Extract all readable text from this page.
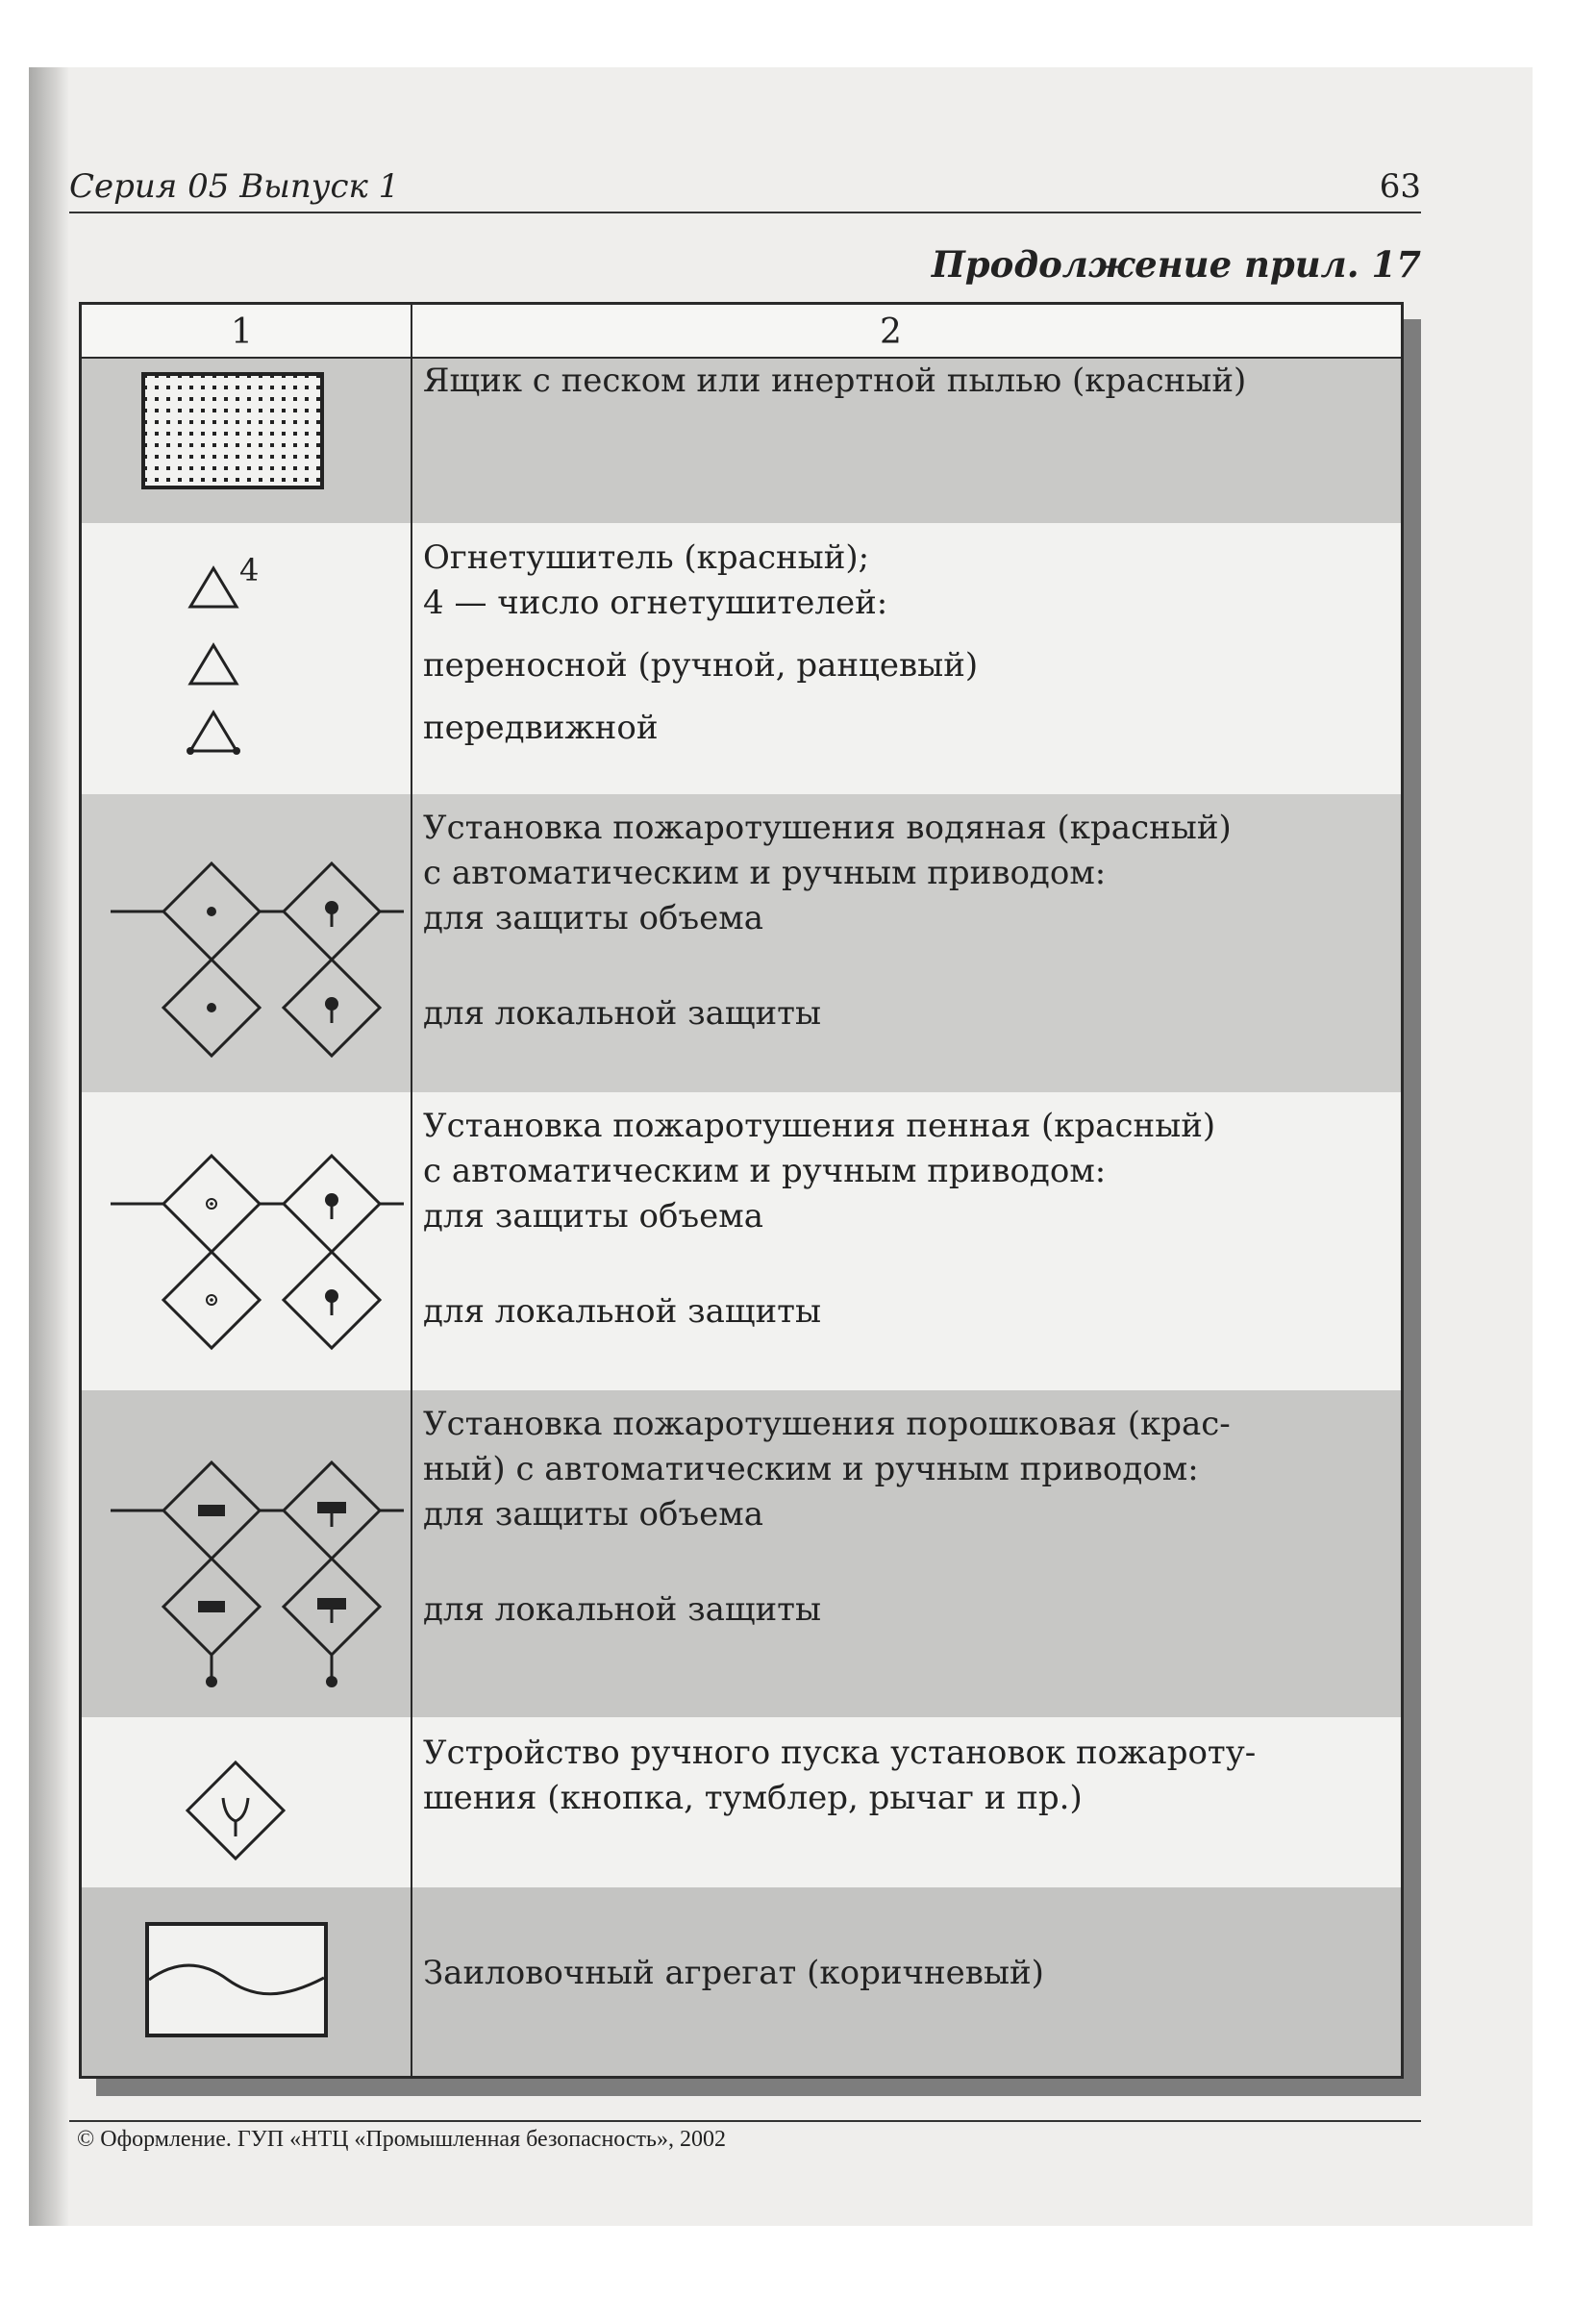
Серия 05 Выпуск 1	63
Продолжение прил. 17
1	2
Ящик с песком или инертной пылью (красный)
4	Огнетушитель (красный);
4 — число огнетушителей:
переносной (ручной, ранцевый)
передвижной
Установка пожаротушения водяная (красный)
с автоматическим и ручным приводом:
для защиты объема
для локальной защиты
Установка пожаротушения пенная (красный)
с автоматическим и ручным приводом:
для защиты объема
для локальной защиты
Установка пожаротушения порошковая (крас-
ный) с автоматическим и ручным приводом:
для защиты объема
для локальной защиты
Устройство ручного пуска установок пожароту-
шения (кнопка, тумблер, рычаг и пр.)
Заиловочный агрегат (коричневый)
© Оформление. ГУП «НТЦ «Промышленная безопасность», 2002
